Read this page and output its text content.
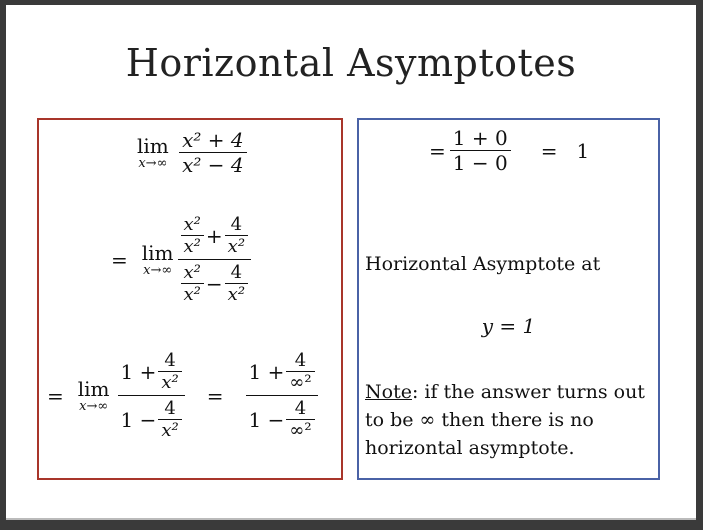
Horizontal Asymptotes
lim
x→∞
$\frac{\text{x² + 4}}{\text{x² − 4}}$
= lim
x→∞
$\frac{\text{x²}}{\text{x²}} + \frac{4}{\text{x²}}$
$\frac{\text{x²}}{\text{x²}} - \frac{4}{\text{x²}}$
= lim
$x\to\infty \frac{1 + \frac{4}{\text{x²}}}{1 - \frac{4}{\text{x²}}} = \frac{1 + \frac{4}{\text{∞²}}}{1 - \frac{4}{\text{∞²}}}$
= $\frac{1 + 0}{1 - 0} = 1$
Horizontal Asymptote at
y = 1
Note: if the answer turns out to be ∞ then there is no horizontal asymptote.
